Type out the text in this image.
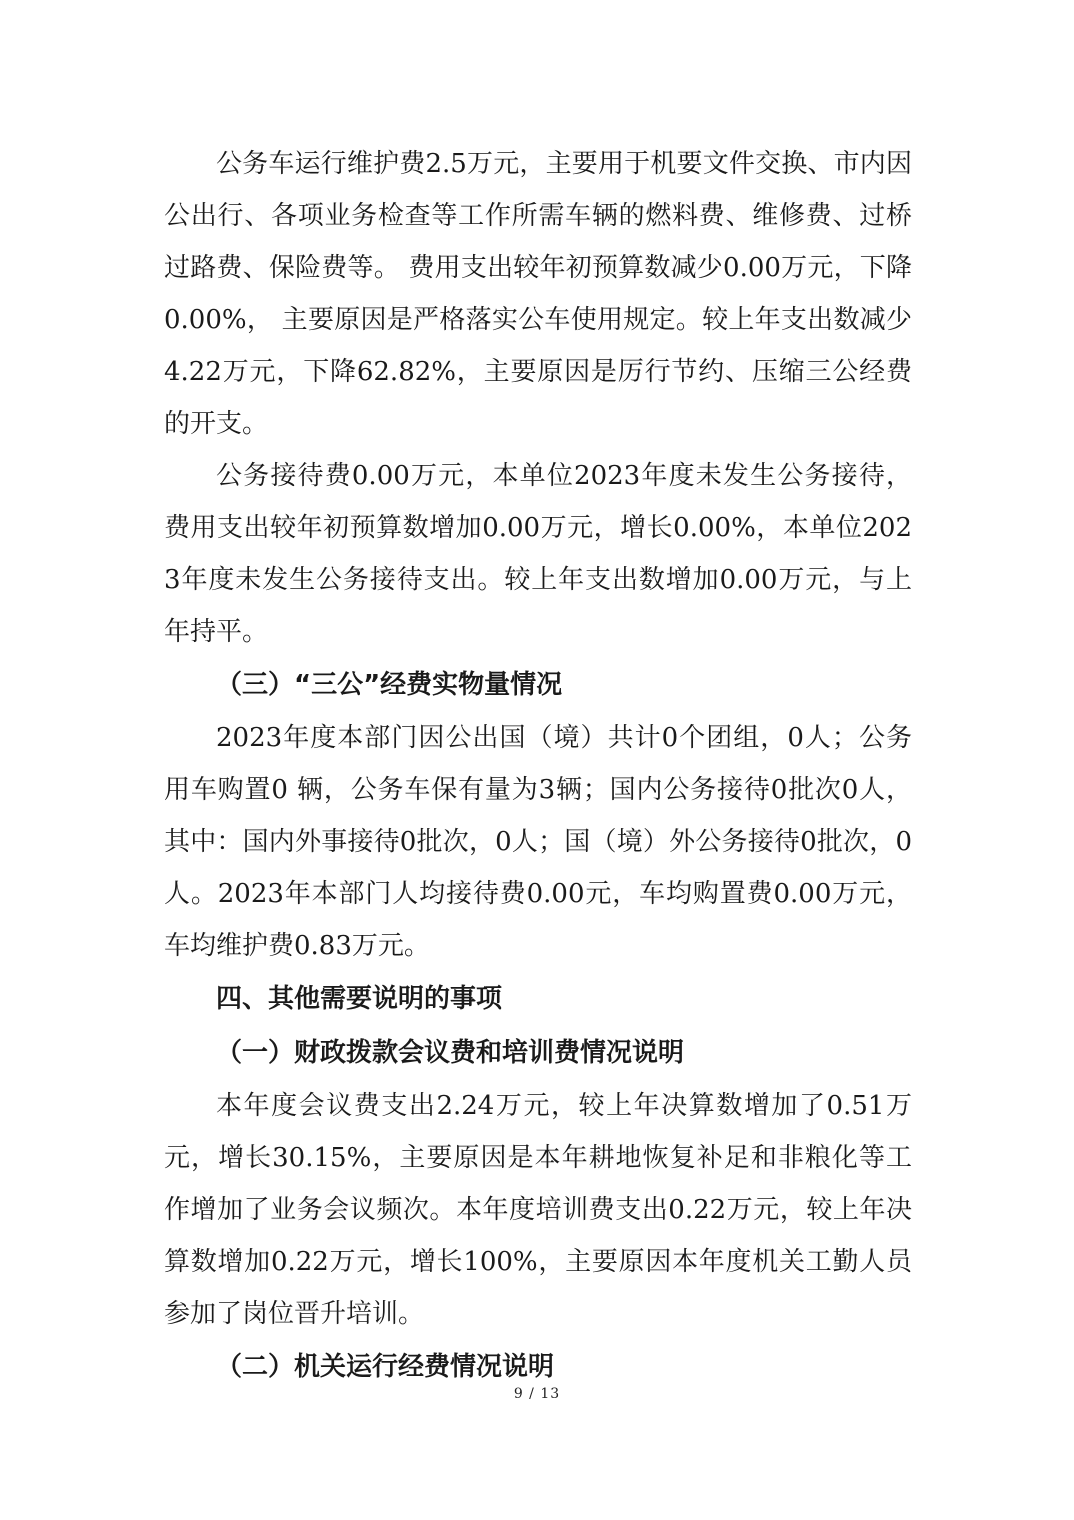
公务车运行维护费2.5万元，主要用于机要文件交换、市内因公出行、各项业务检查等工作所需车辆的燃料费、维修费、过桥过路费、保险费等。 费用支出较年初预算数减少0.00万元，下降0.00%， 主要原因是严格落实公车使用规定。较上年支出数减少4.22万元，下降62.82%，主要原因是厉行节约、压缩三公经费的开支。

公务接待费0.00万元，本单位2023年度未发生公务接待，费用支出较年初预算数增加0.00万元，增长0.00%，本单位2023年度未发生公务接待支出。较上年支出数增加0.00万元，与上年持平。

（三）“三公”经费实物量情况

2023年度本部门因公出国（境）共计0个团组，0人；公务用车购置0 辆，公务车保有量为3辆；国内公务接待0批次0人，其中：国内外事接待0批次，0人；国（境）外公务接待0批次，0人。2023年本部门人均接待费0.00元，车均购置费0.00万元，车均维护费0.83万元。

四、其他需要说明的事项

（一）财政拨款会议费和培训费情况说明

本年度会议费支出2.24万元，较上年决算数增加了0.51万元，增长30.15%，主要原因是本年耕地恢复补足和非粮化等工作增加了业务会议频次。本年度培训费支出0.22万元，较上年决算数增加0.22万元，增长100%，主要原因本年度机关工勤人员参加了岗位晋升培训。

（二）机关运行经费情况说明

9 / 13
